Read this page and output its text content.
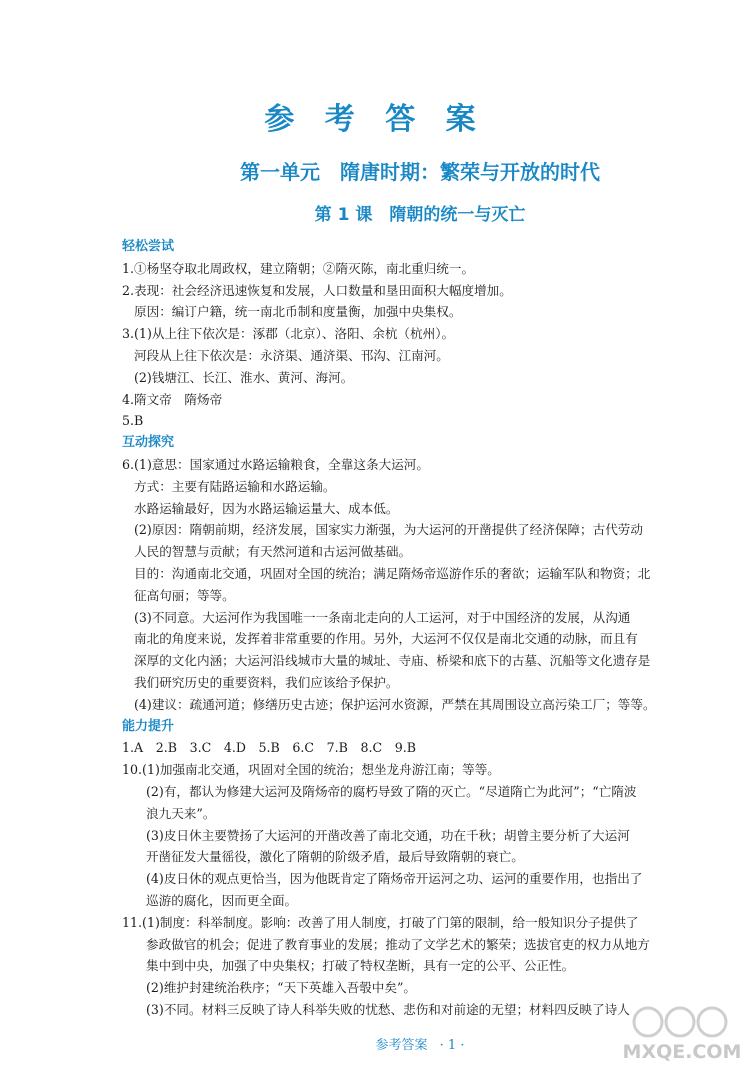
参 考 答 案
第一单元　隋唐时期：繁荣与开放的时代
第 1 课　隋朝的统一与灭亡
轻松尝试
1.①杨坚夺取北周政权，建立隋朝；②隋灭陈，南北重归统一。
2.表现：社会经济迅速恢复和发展，人口数量和垦田面积大幅度增加。
原因：编订户籍，统一南北币制和度量衡，加强中央集权。
3.(1)从上往下依次是：涿郡（北京）、洛阳、余杭（杭州）。
河段从上往下依次是：永济渠、通济渠、邗沟、江南河。
(2)钱塘江、长江、淮水、黄河、海河。
4.隋文帝　隋炀帝
5.B
互动探究
6.(1)意思：国家通过水路运输粮食，全靠这条大运河。
方式：主要有陆路运输和水路运输。
水路运输最好，因为水路运输运量大、成本低。
(2)原因：隋朝前期，经济发展，国家实力渐强，为大运河的开凿提供了经济保障；古代劳动
人民的智慧与贡献；有天然河道和古运河做基础。
目的：沟通南北交通，巩固对全国的统治；满足隋炀帝巡游作乐的奢欲；运输军队和物资；北
征高句丽；等等。
(3)不同意。大运河作为我国唯一一条南北走向的人工运河，对于中国经济的发展，从沟通
南北的角度来说，发挥着非常重要的作用。另外，大运河不仅仅是南北交通的动脉，而且有
深厚的文化内涵；大运河沿线城市大量的城址、寺庙、桥梁和底下的古墓、沉船等文化遗存是
我们研究历史的重要资料，我们应该给予保护。
(4)建议：疏通河道；修缮历史古迹；保护运河水资源，严禁在其周围设立高污染工厂；等等。
能力提升
1.A　2.B　3.C　4.D　5.B　6.C　7.B　8.C　9.B
10.(1)加强南北交通，巩固对全国的统治；想坐龙舟游江南；等等。
(2)有，都认为修建大运河及隋炀帝的腐朽导致了隋的灭亡。“尽道隋亡为此河”；“亡隋波
浪九天来”。
(3)皮日休主要赞扬了大运河的开凿改善了南北交通，功在千秋；胡曾主要分析了大运河
开凿征发大量徭役，激化了隋朝的阶级矛盾，最后导致隋朝的衰亡。
(4)皮日休的观点更恰当，因为他既肯定了隋炀帝开运河之功、运河的重要作用，也指出了
巡游的腐化，因而更全面。
11.(1)制度：科举制度。影响：改善了用人制度，打破了门第的限制，给一般知识分子提供了
参政做官的机会；促进了教育事业的发展；推动了文学艺术的繁荣；选拔官吏的权力从地方
集中到中央，加强了中央集权；打破了特权垄断，具有一定的公平、公正性。
(2)维护封建统治秩序；“天下英雄入吾彀中矣”。
(3)不同。材料三反映了诗人科举失败的忧愁、悲伤和对前途的无望；材料四反映了诗人
参考答案 · 1 ·	MXQE.COM
